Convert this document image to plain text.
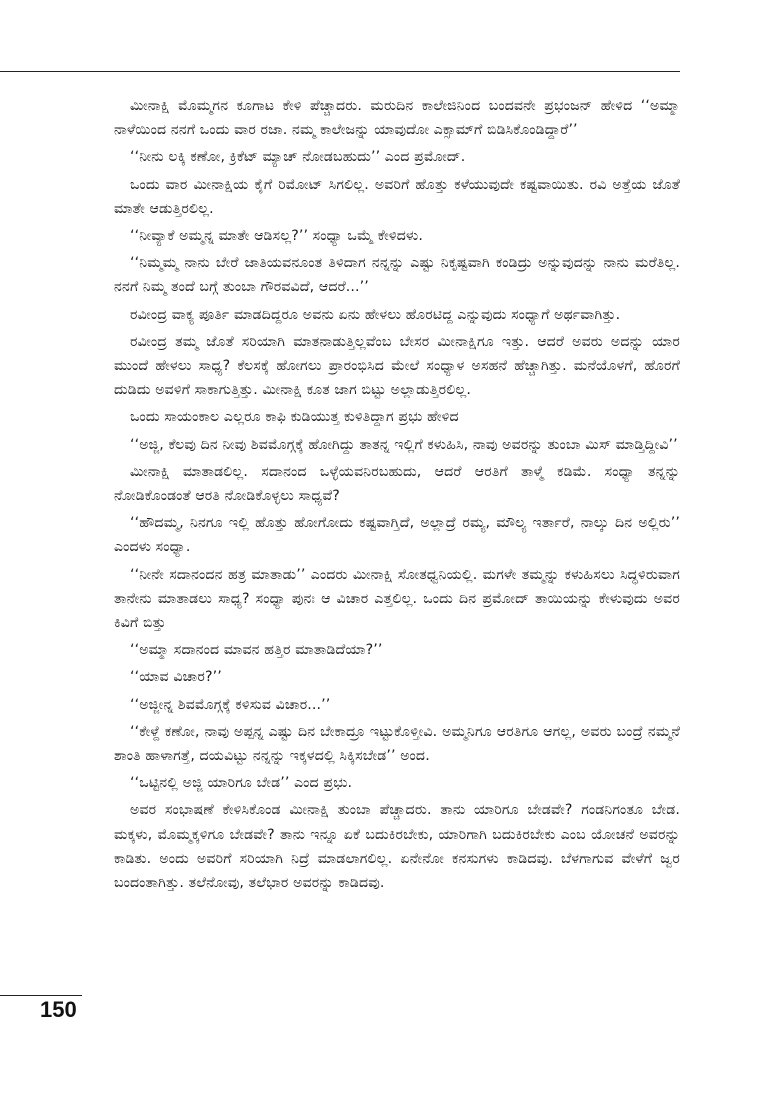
ಮೀನಾಕ್ಷಿ ಮೊಮ್ಮಗನ ಕೂಗಾಟ ಕೇಳಿ ಪೆಚ್ಚಾದರು. ಮರುದಿನ ಕಾಲೇಜಿನಿಂದ ಬಂದವನೇ ಪ್ರಭಂಜನ್ ಹೇಳಿದ ‘‘ಅಮ್ಮಾ ನಾಳೆಯಿಂದ ನನಗೆ ಒಂದು ವಾರ ರಜಾ. ನಮ್ಮ ಕಾಲೇಜನ್ನು ಯಾವುದೋ ಎಕ್ಸಾಮ್‌ಗೆ ಬಿಡಿಸಿಕೊಂಡಿದ್ದಾರೆ’’

‘‘ನೀನು ಲಕ್ಕಿ ಕಣೋ, ಕ್ರಿಕೆಟ್ ಮ್ಯಾಚ್ ನೋಡಬಹುದು’’ ಎಂದ ಪ್ರಮೋದ್.

ಒಂದು ವಾರ ಮೀನಾಕ್ಷಿಯ ಕೈಗೆ ರಿಮೋಟ್ ಸಿಗಲಿಲ್ಲ. ಅವರಿಗೆ ಹೊತ್ತು ಕಳೆಯುವುದೇ ಕಷ್ಟವಾಯಿತು. ರವಿ ಅತ್ತೆಯ ಜೊತೆ ಮಾತೇ ಆಡುತ್ತಿರಲಿಲ್ಲ.

‘‘ನೀವ್ಯಾಕೆ ಅಮ್ಮನ್ನ ಮಾತೇ ಆಡಿಸಲ್ಲ?’’ ಸಂಧ್ಯಾ ಒಮ್ಮೆ ಕೇಳಿದಳು.

‘‘ನಿಮ್ಮಮ್ಮ ನಾನು ಬೇರೆ ಜಾತಿಯವನೂಂತ ತಿಳಿದಾಗ ನನ್ನನ್ನು ಎಷ್ಟು ನಿಕೃಷ್ಟವಾಗಿ ಕಂಡಿದ್ರು ಅನ್ನುವುದನ್ನು ನಾನು ಮರೆತಿಲ್ಲ. ನನಗೆ ನಿಮ್ಮ ತಂದೆ ಬಗ್ಗೆ ತುಂಬಾ ಗೌರವವಿದೆ, ಆದರೆ...’’

ರವೀಂದ್ರ ವಾಕ್ಯ ಪೂರ್ತಿ ಮಾಡದಿದ್ದರೂ ಅವನು ಏನು ಹೇಳಲು ಹೊರಟಿದ್ದ ಎನ್ನುವುದು ಸಂಧ್ಯಾಗೆ ಅರ್ಥವಾಗಿತ್ತು.

ರವೀಂದ್ರ ತಮ್ಮ ಜೊತೆ ಸರಿಯಾಗಿ ಮಾತನಾಡುತ್ತಿಲ್ಲವೆಂಬ ಬೇಸರ ಮೀನಾಕ್ಷಿಗೂ ಇತ್ತು. ಆದರೆ ಅವರು ಅದನ್ನು ಯಾರ ಮುಂದೆ ಹೇಳಲು ಸಾಧ್ಯ? ಕೆಲಸಕ್ಕೆ ಹೋಗಲು ಪ್ರಾರಂಭಿಸಿದ ಮೇಲೆ ಸಂಧ್ಯಾಳ ಅಸಹನೆ ಹೆಚ್ಚಾಗಿತ್ತು. ಮನೆಯೊಳಗೆ, ಹೊರಗೆ ದುಡಿದು ಅವಳಿಗೆ ಸಾಕಾಗುತ್ತಿತ್ತು. ಮೀನಾಕ್ಷಿ ಕೂತ ಜಾಗ ಬಿಟ್ಟು ಅಲ್ಲಾಡುತ್ತಿರಲಿಲ್ಲ.

ಒಂದು ಸಾಯಂಕಾಲ ಎಲ್ಲರೂ ಕಾಫಿ ಕುಡಿಯುತ್ತ ಕುಳಿತಿದ್ದಾಗ ಪ್ರಭು ಹೇಳಿದ

‘‘ಅಜ್ಜಿ, ಕೆಲವು ದಿನ ನೀವು ಶಿವಮೊಗ್ಗಕ್ಕೆ ಹೋಗಿದ್ದು ತಾತನ್ನ ಇಲ್ಲಿಗೆ ಕಳುಹಿಸಿ, ನಾವು ಅವರನ್ನು ತುಂಬಾ ಮಿಸ್ ಮಾಡ್ತಿದ್ದೀವಿ’’

ಮೀನಾಕ್ಷಿ ಮಾತಾಡಲಿಲ್ಲ. ಸದಾನಂದ ಒಳ್ಳೆಯವನಿರಬಹುದು, ಆದರೆ ಆರತಿಗೆ ತಾಳ್ಮೆ ಕಡಿಮೆ. ಸಂಧ್ಯಾ ತನ್ನನ್ನು ನೋಡಿಕೊಂಡಂತೆ ಆರತಿ ನೋಡಿಕೊಳ್ಳಲು ಸಾಧ್ಯವೆ?

‘‘ಹೌದಮ್ಮ, ನಿನಗೂ ಇಲ್ಲಿ ಹೊತ್ತು ಹೋಗೋದು ಕಷ್ಟವಾಗ್ತಿದೆ, ಅಲ್ಲಾದ್ರೆ ರಮ್ಯ, ಮೌಲ್ಯ ಇರ್ತಾರೆ, ನಾಲ್ಕು ದಿನ ಅಲ್ಲಿರು’’ ಎಂದಳು ಸಂಧ್ಯಾ.

‘‘ನೀನೇ ಸದಾನಂದನ ಹತ್ರ ಮಾತಾಡು’’ ಎಂದರು ಮೀನಾಕ್ಷಿ ಸೋತಧ್ವನಿಯಲ್ಲಿ. ಮಗಳೇ ತಮ್ಮನ್ನು ಕಳುಹಿಸಲು ಸಿದ್ಧಳಿರುವಾಗ ತಾನೇನು ಮಾತಾಡಲು ಸಾಧ್ಯ? ಸಂಧ್ಯಾ ಪುನಃ ಆ ವಿಚಾರ ಎತ್ತಲಿಲ್ಲ. ಒಂದು ದಿನ ಪ್ರಮೋದ್ ತಾಯಿಯನ್ನು ಕೇಳುವುದು ಅವರ ಕಿವಿಗೆ ಬಿತ್ತು

‘‘ಅಮ್ಮಾ ಸದಾನಂದ ಮಾವನ ಹತ್ತಿರ ಮಾತಾಡಿದೆಯಾ?’’

‘‘ಯಾವ ವಿಚಾರ?’’

‘‘ಅಜ್ಜೀನ್ನ ಶಿವಮೊಗ್ಗಕ್ಕೆ ಕಳಿಸುವ ವಿಚಾರ...’’

‘‘ಕೇಳ್ದೆ ಕಣೋ, ನಾವು ಅಪ್ಪನ್ನ ಎಷ್ಟು ದಿನ ಬೇಕಾದ್ರೂ ಇಟ್ಟುಕೊಳ್ತೀವಿ. ಅಮ್ಮನಿಗೂ ಆರತಿಗೂ ಆಗಲ್ಲ, ಅವರು ಬಂದ್ರೆ ನಮ್ಮನೆ ಶಾಂತಿ ಹಾಳಾಗತ್ತೆ, ದಯವಿಟ್ಟು ನನ್ನನ್ನು ಇಕ್ಕಳದಲ್ಲಿ ಸಿಕ್ಕಿಸಬೇಡ’’ ಅಂದ.

‘‘ಒಟ್ಟಿನಲ್ಲಿ ಅಜ್ಜಿ ಯಾರಿಗೂ ಬೇಡ’’ ಎಂದ ಪ್ರಭು.

ಅವರ ಸಂಭಾಷಣೆ ಕೇಳಿಸಿಕೊಂಡ ಮೀನಾಕ್ಷಿ ತುಂಬಾ ಪೆಚ್ಚಾದರು. ತಾನು ಯಾರಿಗೂ ಬೇಡವೇ? ಗಂಡನಿಗಂತೂ ಬೇಡ. ಮಕ್ಕಳು, ಮೊಮ್ಮಕ್ಕಳಿಗೂ ಬೇಡವೇ? ತಾನು ಇನ್ನೂ ಏಕೆ ಬದುಕಿರಬೇಕು, ಯಾರಿಗಾಗಿ ಬದುಕಿರಬೇಕು ಎಂಬ ಯೋಚನೆ ಅವರನ್ನು ಕಾಡಿತು. ಅಂದು ಅವರಿಗೆ ಸರಿಯಾಗಿ ನಿದ್ರೆ ಮಾಡಲಾಗಲಿಲ್ಲ. ಏನೇನೋ ಕನಸುಗಳು ಕಾಡಿದವು. ಬೆಳಗಾಗುವ ವೇಳೆಗೆ ಜ್ವರ ಬಂದಂತಾಗಿತ್ತು. ತಲೆನೋವು, ತಲೆಭಾರ ಅವರನ್ನು ಕಾಡಿದವು.

150
